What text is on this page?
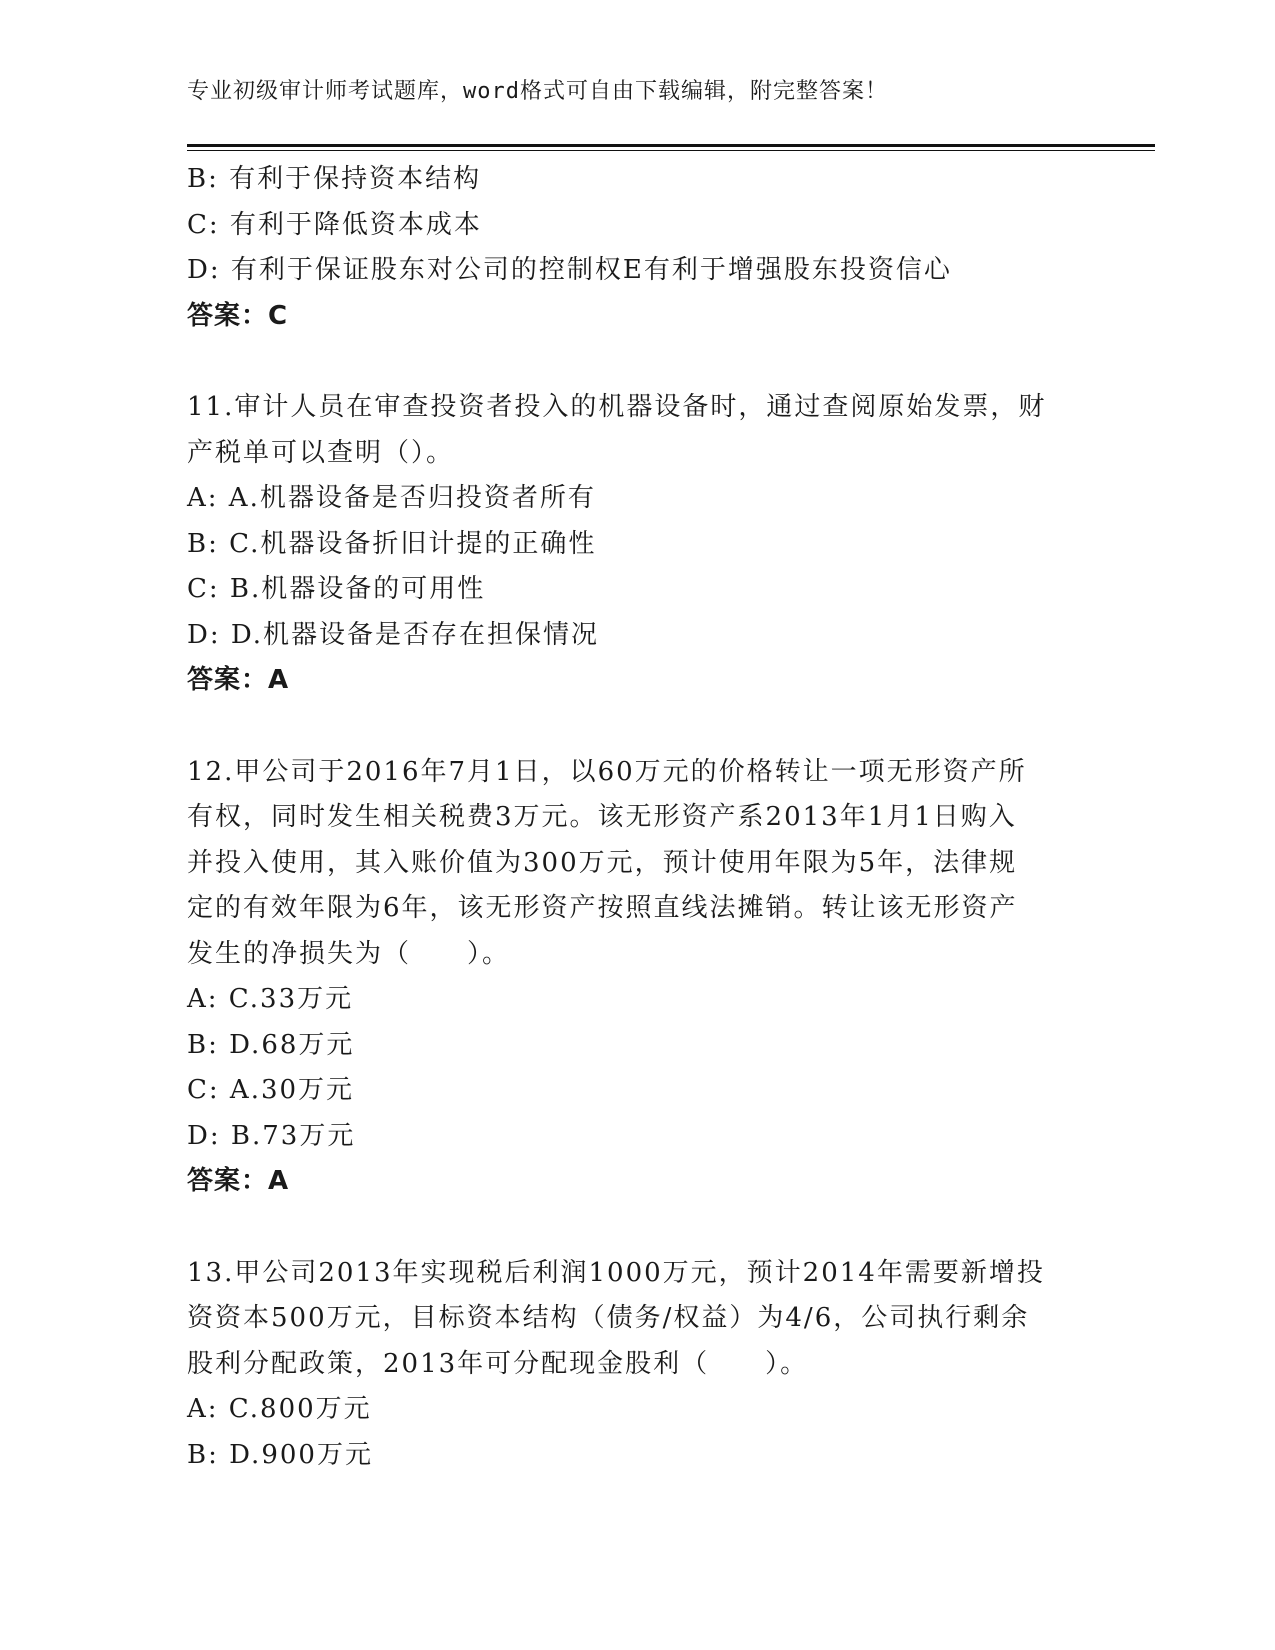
专业初级审计师考试题库，word格式可自由下载编辑，附完整答案！
B: 有利于保持资本结构
C: 有利于降低资本成本
D: 有利于保证股东对公司的控制权E有利于增强股东投资信心
答案：C
11.审计人员在审查投资者投入的机器设备时，通过查阅原始发票，财
产税单可以查明（）。
A: A.机器设备是否归投资者所有
B: C.机器设备折旧计提的正确性
C: B.机器设备的可用性
D: D.机器设备是否存在担保情况
答案：A
12.甲公司于2016年7月1日，以60万元的价格转让一项无形资产所
有权，同时发生相关税费3万元。该无形资产系2013年1月1日购入
并投入使用，其入账价值为300万元，预计使用年限为5年，法律规
定的有效年限为6年，该无形资产按照直线法摊销。转让该无形资产
发生的净损失为（　　）。
A: C.33万元
B: D.68万元
C: A.30万元
D: B.73万元
答案：A
13.甲公司2013年实现税后利润1000万元，预计2014年需要新增投
资资本500万元，目标资本结构（债务/权益）为4/6，公司执行剩余
股利分配政策，2013年可分配现金股利（　　）。
A: C.800万元
B: D.900万元
